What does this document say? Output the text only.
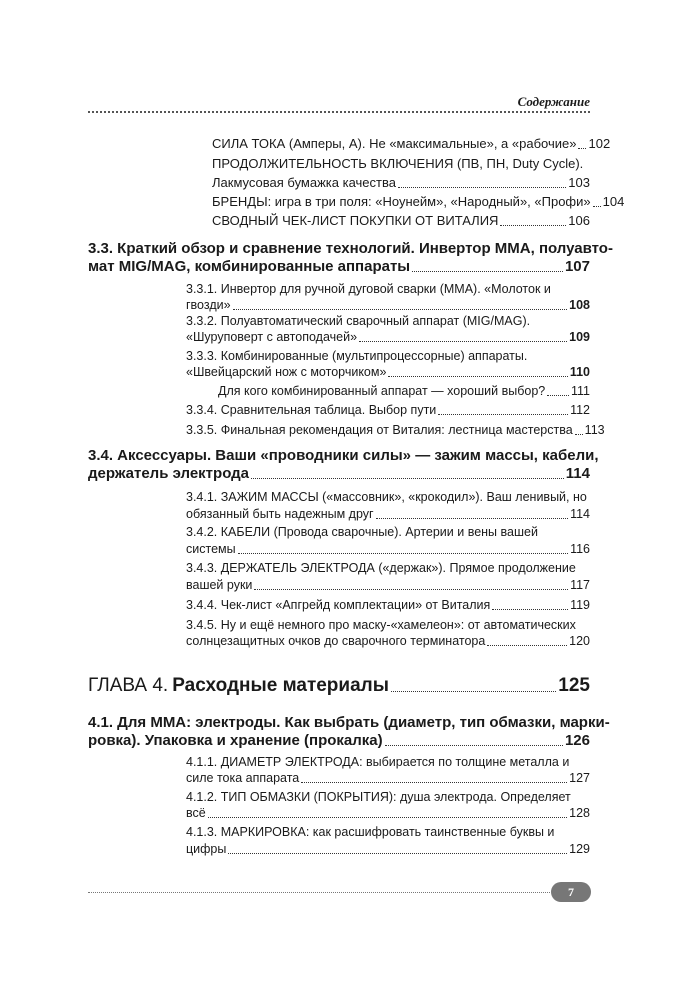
Содержание
СИЛА ТОКА (Амперы, А). Не «максимальные», а «рабочие» 102
ПРОДОЛЖИТЕЛЬНОСТЬ ВКЛЮЧЕНИЯ (ПВ, ПН, Duty Cycle).
Лакмусовая бумажка качества	103
БРЕНДЫ: игра в три поля: «Ноунейм», «Народный», «Профи» 104
СВОДНЫЙ ЧЕК-ЛИСТ ПОКУПКИ ОТ ВИТАЛИЯ	106
3.3. Краткий обзор и сравнение технологий. Инвертор ММА, полуавто-
мат MIG/MAG, комбинированные аппараты	107
3.3.1. Инвертор для ручной дуговой сварки (ММА). «Молоток и
гвозди»	108
3.3.2. Полуавтоматический сварочный аппарат (MIG/MAG).
«Шуруповерт с автоподачей»	109
3.3.3. Комбинированные (мультипроцессорные) аппараты.
«Швейцарский нож с моторчиком»	110
Для кого комбинированный аппарат — хороший выбор? 111
3.3.4. Сравнительная таблица. Выбор пути	112
3.3.5. Финальная рекомендация от Виталия: лестница мастерства 113
3.4. Аксессуары. Ваши «проводники силы» — зажим массы, кабели,
держатель электрода	114
3.4.1. ЗАЖИМ МАССЫ («массовник», «крокодил»). Ваш ленивый, но
обязанный быть надежным друг	114
3.4.2. КАБЕЛИ (Провода сварочные). Артерии и вены вашей
системы	116
3.4.3. ДЕРЖАТЕЛЬ ЭЛЕКТРОДА («держак»). Прямое продолжение
вашей руки	117
3.4.4. Чек-лист «Апгрейд комплектации» от Виталия	119
3.4.5. Ну и ещё немного про маску-«хамелеон»: от автоматических
солнцезащитных очков до сварочного терминатора	120
ГЛАВА 4. Расходные материалы	125
4.1. Для ММА: электроды. Как выбрать (диаметр, тип обмазки, марки-
ровка). Упаковка и хранение (прокалка)	126
4.1.1. ДИАМЕТР ЭЛЕКТРОДА: выбирается по толщине металла и
силе тока аппарата	127
4.1.2. ТИП ОБМАЗКИ (ПОКРЫТИЯ): душа электрода. Определяет
всё	128
4.1.3. МАРКИРОВКА: как расшифровать таинственные буквы и
цифры	129
7
